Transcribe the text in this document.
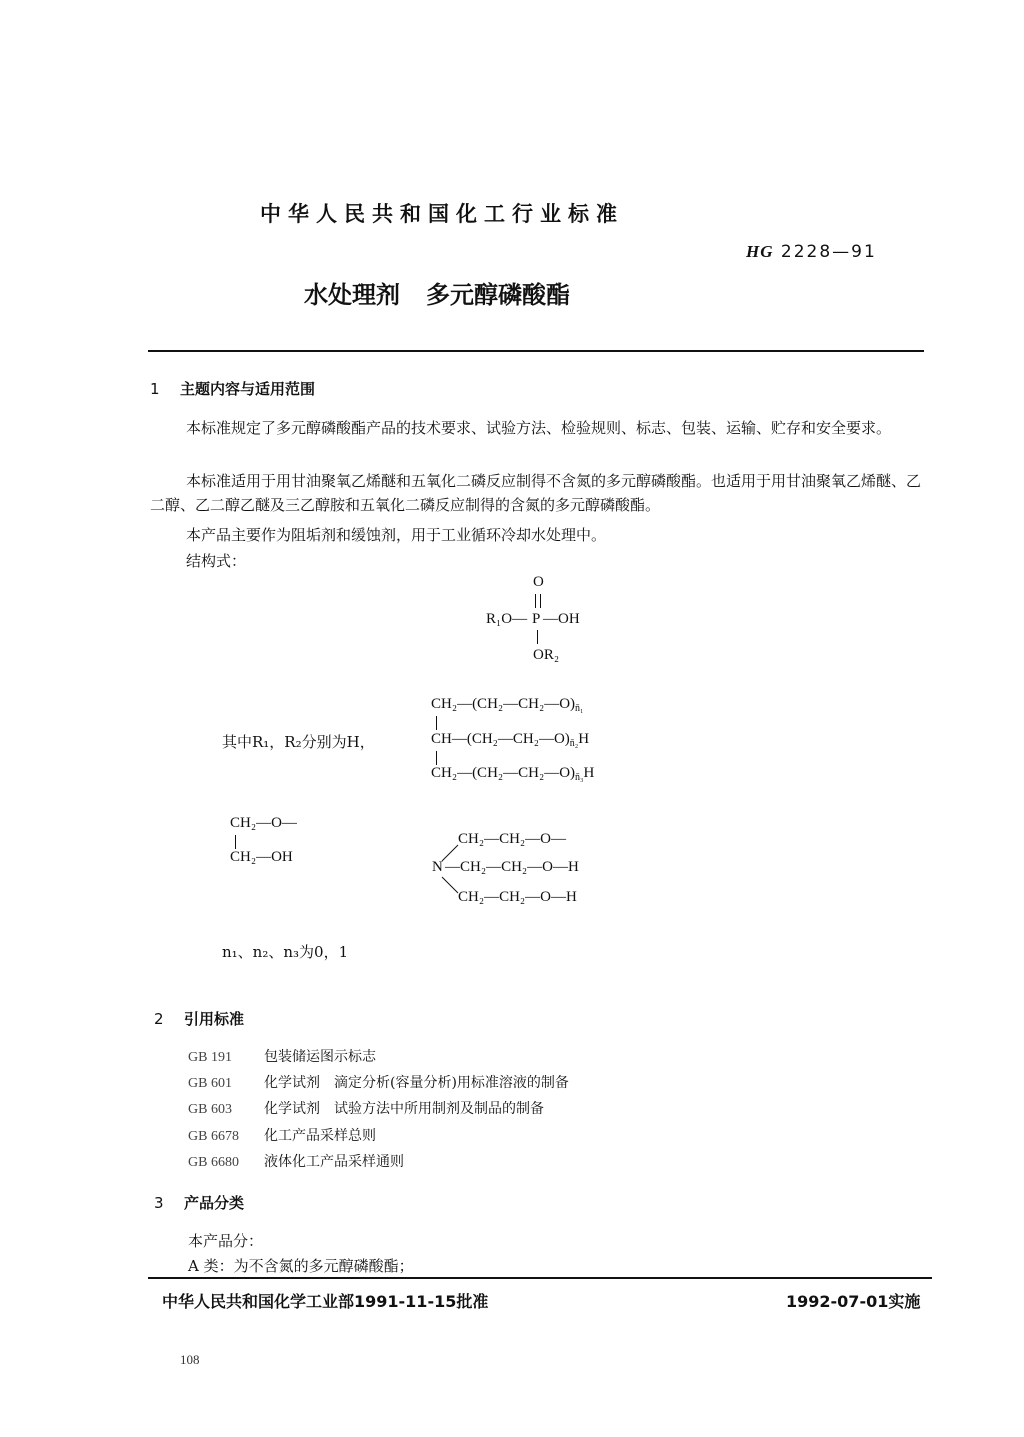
中华人民共和国化工行业标准
HG 2228—91
水处理剂 多元醇磷酸酯
1 主题内容与适用范围
本标准规定了多元醇磷酸酯产品的技术要求、试验方法、检验规则、标志、包装、运输、贮存和安全要求。
本标准适用于用甘油聚氧乙烯醚和五氧化二磷反应制得不含氮的多元醇磷酸酯。也适用于用甘油聚氧乙烯醚、乙二醇、乙二醇乙醚及三乙醇胺和五氧化二磷反应制得的含氮的多元醇磷酸酯。
本产品主要作为阻垢剂和缓蚀剂，用于工业循环冷却水处理中。
结构式：
O
R₁O— P —OH
OR₂
其中R₁，R₂分别为H，
$CH_2—(CH_2—CH_2—O)_{n̄_1}$
$CH—(CH_2—CH_2—O)_{n̄_2}H$
$CH_2—(CH_2—CH_2—O)_{n̄_3}H$
CH₂—O—
CH₂—OH
CH₂—CH₂—O—
N —CH₂—CH₂—O—H
CH₂—CH₂—O—H
n₁、n₂、n₃为0，1
2 引用标准
GB 191 包装储运图示标志
GB 601 化学试剂　滴定分析(容量分析)用标准溶液的制备
GB 603 化学试剂　试验方法中所用制剂及制品的制备
GB 6678 化工产品采样总则
GB 6680 液体化工产品采样通则
3 产品分类
本产品分：
A 类：为不含氮的多元醇磷酸酯；
中华人民共和国化学工业部1991-11-15批准	1992-07-01实施
108
